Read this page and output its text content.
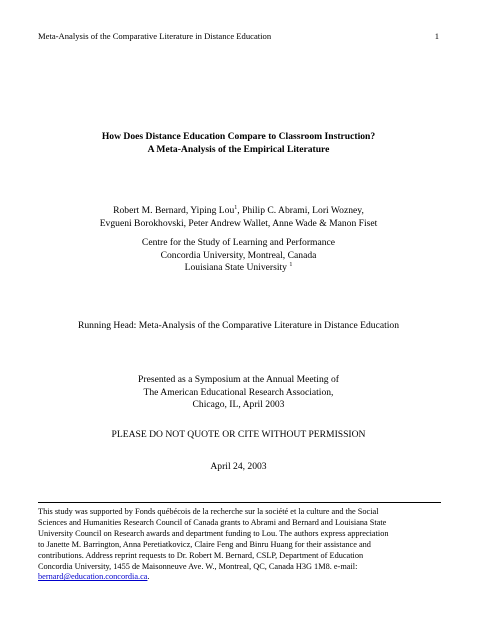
Meta-Analysis of the Comparative Literature in Distance Education	1

How Does Distance Education Compare to Classroom Instruction?

A Meta-Analysis of the Empirical Literature

Robert M. Bernard, Yiping Lou$^1$, Philip C. Abrami, Lori Wozney,

Evgueni Borokhovski, Peter Andrew Wallet, Anne Wade & Manon Fiset

Centre for the Study of Learning and Performance

Concordia University, Montreal, Canada

Louisiana State University $^1$

Running Head: Meta-Analysis of the Comparative Literature in Distance Education

Presented as a Symposium at the Annual Meeting of

The American Educational Research Association,

Chicago, IL, April 2003

PLEASE DO NOT QUOTE OR CITE WITHOUT PERMISSION

April 24, 2003

This study was supported by Fonds québécois de la recherche sur la société et la culture and the Social
Sciences and Humanities Research Council of Canada grants to Abrami and Bernard and Louisiana State
University Council on Research awards and department funding to Lou. The authors express appreciation
to Janette M. Barrington, Anna Peretiatkovicz, Claire Feng and Binru Huang for their assistance and
contributions. Address reprint requests to Dr. Robert M. Bernard, CSLP, Department of Education
Concordia University, 1455 de Maisonneuve Ave. W., Montreal, QC, Canada H3G 1M8. e-mail:
bernard@education.concordia.ca.
